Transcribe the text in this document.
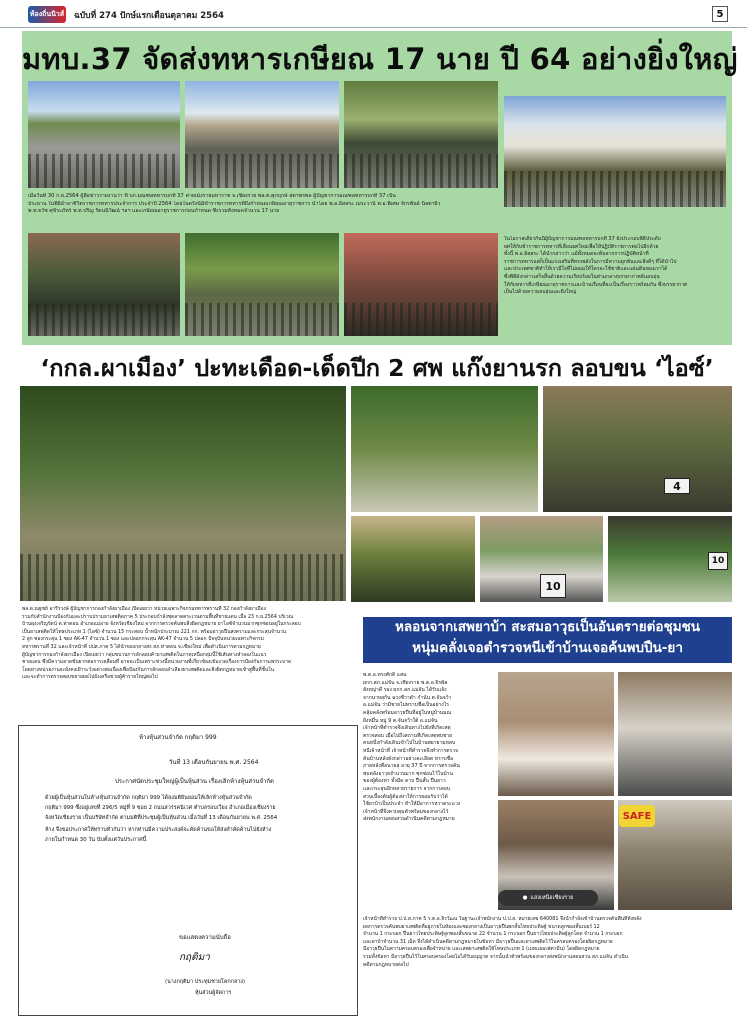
ท้องถิ่นนิวส์ ฉบับที่ 274 ปักษ์แรกเดือนตุลาคม 2564	5
มทบ.37 จัดส่งทหารเกษียณ 17 นาย ปี 64 อย่างยิ่งใหญ่
เมื่อวันที่ 30 ก.ย.2564 ผู้สื่อข่าวรายงานว่า ที่ บก.มณฑลทหารบกที่ 37 ค่ายเม็งรายมหาราช จ.เชียงราย พล.ต.ศุภฤกษ์ สตาพรพล ผู้บัญชาการมณฑลทหารบกที่ 37 เป็น
ประธาน ในพิธีอำลาชีวิตราชการทหารประจำการ ประจำปี 2564 โดยในครั้งนี้มีข้าราชการทหารที่ถึงกำหนดเกษียณอายุราชการ นำโดย พ.อ.อิสสระ เมระวานี พ.อ.พิเศษ จักรพันธ์ นิลตาผิว
พ.ท.ธวัช ศุขีระภัทร์ พ.ท.ปริญ รัตนนิวัฒน์ ฯลฯ และเกษียณอายุราชการก่อนกำหนด ซึ่งรวมทั้งหมดจำนวน 17 นาย
ในโอกาสเดียวกันนี้ผู้บัญชาการมณฑลทหารบกที่ 37 ยังประกอบพิธีประดับ
ยศให้กับข้าราชการทหารที่เลื่อนยศใหม่เพื่อให้ปฏิบัติราชการต่อไปอีกด้วย
ทั้งนี้ พ.อ.อิสสระ ได้นำกล่าวว่า แม้ทั้งหมดจะพ้นจากการปฏิบัติหน้าที่
ราชการทหารแต่ก็เป็นแรงเสริมที่ทรงพลังในการมีความผูกพันและสิ่งดีๆ ที่ได้นำไป
และประเทศชาติทำให้เรามีใจที่ไม่ยอมให้ใครจะใช้ชาติและแผ่นดินของเราได้
ซึ่งพิธีดังกล่าวเสร็จสิ้นด้วยความเรียบร้อยในท่ามกลางบรรยากาศอันอบอุ่น
ให้กับทหารที่เกษียณอายุราชการและบ้านเรือนที่จะเป็นเรื่องราวพร้อมกัน ซึ่งบรรยากาศ
เป็นไปด้วยความอบอุ่นและยิ่งใหญ่
‘กกล.ผาเมือง’ ปะทะเดือด-เด็ดปีก 2 ศพ แก๊งยานรก ลอบขน ‘ไอซ์’
4
10
10
พล.ต.ณฐชย์ อารีรวงษ์ ผู้บัญชาการกองกำลังผาเมือง เปิดเผยว่า หน่วยเฉพาะกิจกรมทหารพรานที่ 32 กองกำลังผาเมือง
ร่วมกับสำนักงานป้องกันและปราบปรามยาเสพติดภาค 5 ประกอบกำลังชุดลาดตระเวนตามพื้นที่ชายแดน เมื่อ 23 ก.ย.2564 บริเวณ
บ้านผุงเจริญรัตน์ ต.ท่าตอน อำเภอแม่อาย จังหวัดเชียงใหม่ จากการตรวจค้นพบสิ่งผิดกฎหมาย ยาไอซ์จำนวนมากซุกซ่อนอยู่ในกระสอบ
เป็นยาเสพติดให้โทษประเภท 1 (ไอซ์) จำนวน 15 กระสอบ น้ำหนักประมาณ 221 กก. พร้อมอาวุธปืนสงครามและกระสุนจำนวน
2 ลูก ซองกระสุน 1 ซอง AK-47 จำนวน 1 ซอง และปลอกกระสุน AK-47 จำนวน 5 ปลอก ปัจจุบันหน่วยเฉพาะกิจกรม
ทหารพรานที่ 32 และเจ้าหน้าที่ ปปส.ภาค 5 ได้นำของกลางส่ง สภ.ท่าตอน จ.เชียงใหม่ เพื่อดำเนินการตามกฎหมาย
ผู้บัญชาการกองกำลังผาเมือง เปิดเผยว่า กลุ่มขบวนการลักลอบค้ายาเสพติดในภาคเหนือกลุ่มนี้ใช้เส้นทางลำลองในแนว
ชายแดน ซึ่งมีความลาดชันยากต่อการเคลื่อนที่ อาจจะเป็นเพราะช่วงนี้หน่วยงานที่เกี่ยวข้องเข้มงวดเรื่องการป้องกันการแพร่ระบาด
โดยทางหน่วยงานจะยังคงเฝ้าระวังอย่างต่อเนื่องเพื่อป้องกันการลักลอบลำเลียงยาเสพติดและสิ่งผิดกฎหมายเข้าสู่พื้นที่ชั้นใน
และจะทำการตรวจสอบขยายผลไปยังเครือข่ายผู้ค้ารายใหญ่ต่อไป
ห้างหุ้นส่วนจำกัด กฤติมา 999
วันที่ 13 เดือนกันยายน พ.ศ. 2564
ประกาศนัดประชุมใหญ่ผู้เป็นหุ้นส่วน เรื่องเลิกห้างหุ้นส่วนจำกัด
ด้วยผู้เป็นหุ้นส่วนในห้างหุ้นส่วนจำกัด กฤติมา 999 ได้ลงมติยินยอมให้เลิกห้างหุ้นส่วนจำกัด
กฤติมา 999 ซึ่งอยู่เลขที่ 296/5 หมู่ที่ 9 ซอย 2 ถนนสวรรคนิเวศ ตำบลรอบเวียง อำเภอเมืองเชียงราย
จังหวัดเชียงราย เป็นบริษัทจำกัด ตามมติที่ประชุมผู้เป็นหุ้นส่วน เมื่อวันที่ 13 เดือนกันยายน พ.ศ. 2564
ห้าง จึงขอประกาศให้ทราบทั่วกันว่า หากท่านมีความประสงค์จะคัดค้านขอให้ส่งคำคัดค้านไปยังห้าง
ภายในกำหนด 30 วัน นับตั้งแต่วันประกาศนี้
ขอแสดงความนับถือ
กฤติมา
(นางกฤติมา ประทุมชายโคกกลาง)
หุ้นส่วนผู้จัดการ
หลอนจากเสพยาบ้า สะสมอาวุธเป็นอันตรายต่อชุมชน
หนุ่มคลั่งเจอตำรวจหนีเข้าบ้านเจอค้นพบปืน-ยา
พ.ต.อ.ทรงศักดิ์ แสน
ผกก.สภ.แม่จัน จ.เชียงราย พ.ต.อ.จิรพัส
สังหญ่าดี รอง ผกก.สภ.แม่จัน ได้รับแจ้ง
จากนายสุกัน ฉวงชีวาตำ กำนัน ต.จันจว้า
อ.แม่จัน ว่ามีชายไม่ทราบชื่อเป็นอย่างไร
คลุ้มคลั่งพร้อมอาวุธปืนที่อยู่ในหมู่บ้านมณ
ฝั่งหมื่น หมู่ 9 ต.จันจว้าใต้ อ.แม่จัน
เจ้าหน้าที่ตำรวจจึงเดินทางไปยังที่เกิดเหตุ
ตรวจสอบ เมื่อไปถึงสถานที่เกิดเหตุพบชาย
คนหนึ่งกำลังเดินเข้าไปในบ้านพยายามหลบ
หนีเจ้าหน้าที่ เจ้าหน้าที่ตำรวจจึงทำการตรวจ
ค้นบ้านหลังดังกล่าวอย่างละเอียด ทราบชื่อ
ภายหลังคือนายสุ อายุ 37 ปี จากการตรวจค้น
พบคลังอาวุธจำนวนมาก ซุกซ่อนไว้ในบ้าน
ของผู้ต้องหา ทั้งมีด ดาบ ปืนสั้น ปืนยาว
และกระสุนอีกหลายรายการ จากการสอบ
สวนเบื้องต้นผู้ต้องหาให้การยอมรับว่าได้
ใช้ยาบ้าเป็นประจำ ทำให้มีอาการหวาดระแวง
เจ้าหน้าที่จึงควบคุมตัวพร้อมของกลางไว้
ส่งพนักงานสอบสวนดำเนินคดีตามกฎหมาย	SAFE
● แสงเหนือเชียงราย
เจ้าหน้าที่ตำรวจ ป.ป.ส.ภาค 5 ร.ต.อ.จิรวัฒน ในฐานะเจ้าพนักงาน ป.ป.ส. หมายเลข 640081 จึงนำกำลังเข้าบ้านตรวจค้นพื้นที่ทั้งหลัง
ผลการตรวจค้นพบยาเสพติดที่อยู่ภายในห้องและซองกลางเป็นอาวุธปืนพกสั้นไทยประดิษฐ์ ขนาดลูกซองสั้นเบอร์ 12
จำนวน 1 กระบอก ปืนยาวไทยประดิษฐ์ลูกซองสั้นขนาด 22 จำนวน 1 กระบอก ปืนยาวไทยประดิษฐ์ลูกโดด จำนวน 1 กระบอก
และยาบ้าจำนวน 31 เม็ด จึงได้ดำเนินคดีตามกฎหมายในข้อหา มีอาวุธปืนและยาเสพติดไว้ในครอบครองโดยผิดกฎหมาย
มีอาวุธปืนในความครอบครองเพื่อจำหน่าย และเสพยาเสพติดให้โทษประเภท 1 (เมทแอมเฟตามีน) โดยผิดกฎหมาย
รวมทั้งข้อหา มีอาวุธปืนไว้ในครอบครองโดยไม่ได้รับอนุญาต จากนั้นนำตัวพร้อมของกลางส่งพนักงานสอบสวน สภ.แม่จัน ดำเนิน
คดีตามกฎหมายต่อไป
